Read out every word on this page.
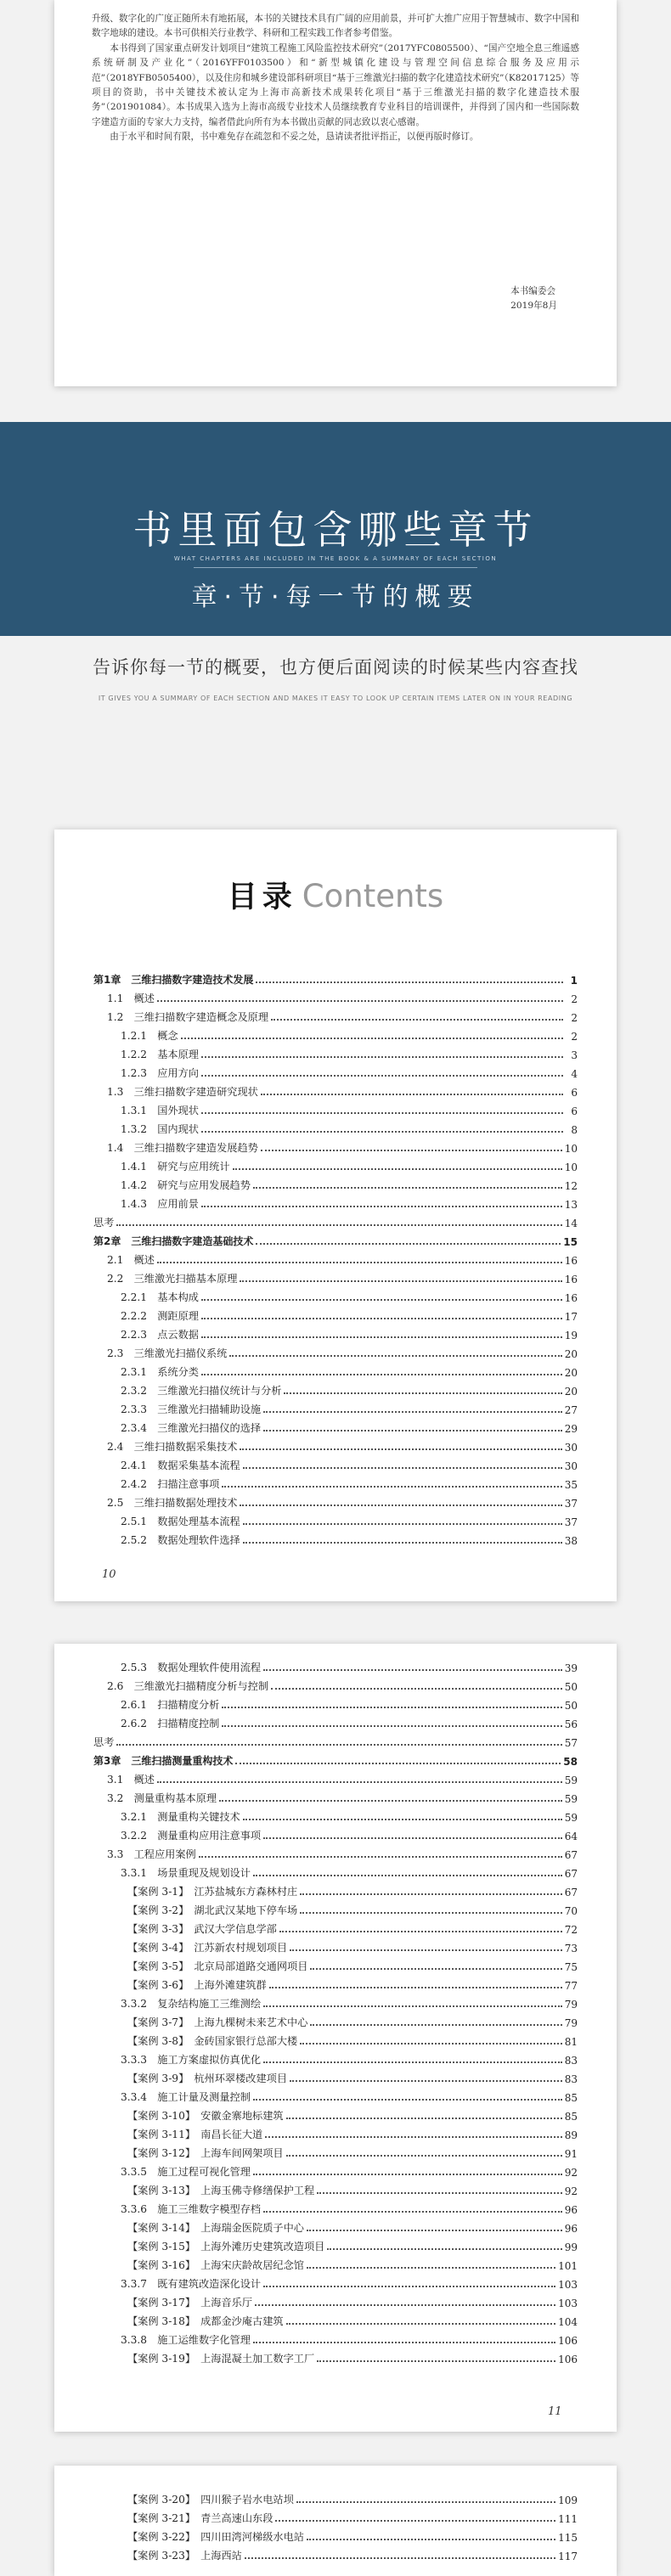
升级、数字化的广度正随所未有地拓展，本书的关键技术具有广阔的应用前景，并可扩大推广应用于智慧城市、数字中国和数字地球的建设。本书可供相关行业教学、科研和工程实践工作者参考借鉴。

本书得到了国家重点研发计划项目“建筑工程施工风险监控技术研究”（2017YFC0805500）、“国产空地全息三维遥感系统研制及产业化”（2016YFF0103500）和“新型城镇化建设与管理空间信息综合服务及应用示范”（2018YFB0505400），以及住房和城乡建设部科研项目“基于三维激光扫描的数字化建造技术研究”（K82017125）等项目的资助，书中关键技术被认定为上海市高新技术成果转化项目“基于三维激光扫描的数字化建造技术服务”（201901084）。本书成果入选为上海市高级专业技术人员继续教育专业科目的培训课件，并得到了国内和一些国际数字建造方面的专家大力支持，编者借此向所有为本书做出贡献的同志致以衷心感谢。

由于水平和时间有限，书中难免存在疏忽和不妥之处，恳请读者批评指正，以便再版时修订。

本书编委会
2019年8月
书里面包含哪些章节
WHAT CHAPTERS ARE INCLUDED IN THE BOOK & A SUMMARY OF EACH SECTION
章·节·每一节的概要
告诉你每一节的概要，也方便后面阅读的时候某些内容查找
IT GIVES YOU A SUMMARY OF EACH SECTION AND MAKES IT EASY TO LOOK UP CERTAIN ITEMS LATER ON IN YOUR READING
目录 Contents
第1章　三维扫描数字建造技术发展	1
1.1　概述	2
1.2　三维扫描数字建造概念及原理	2
1.2.1　概念	2
1.2.2　基本原理	3
1.2.3　应用方向	4
1.3　三维扫描数字建造研究现状	6
1.3.1　国外现状	6
1.3.2　国内现状	8
1.4　三维扫描数字建造发展趋势	10
1.4.1　研究与应用统计	10
1.4.2　研究与应用发展趋势	12
1.4.3　应用前景	13
思考	14
第2章　三维扫描数字建造基础技术	15
2.1　概述	16
2.2　三维激光扫描基本原理	16
2.2.1　基本构成	16
2.2.2　测距原理	17
2.2.3　点云数据	19
2.3　三维激光扫描仪系统	20
2.3.1　系统分类	20
2.3.2　三维激光扫描仪统计与分析	20
2.3.3　三维激光扫描辅助设施	27
2.3.4　三维激光扫描仪的选择	29
2.4　三维扫描数据采集技术	30
2.4.1　数据采集基本流程	30
2.4.2　扫描注意事项	35
2.5　三维扫描数据处理技术	37
2.5.1　数据处理基本流程	37
2.5.2　数据处理软件选择	38
10
2.5.3　数据处理软件使用流程	39
2.6　三维激光扫描精度分析与控制	50
2.6.1　扫描精度分析	50
2.6.2　扫描精度控制	56
思考	57
第3章　三维扫描测量重构技术	58
3.1　概述	59
3.2　测量重构基本原理	59
3.2.1　测量重构关键技术	59
3.2.2　测量重构应用注意事项	64
3.3　工程应用案例	67
3.3.1　场景重现及规划设计	67
【案例 3-1】　江苏盐城东方森林村庄	67
【案例 3-2】　湖北武汉某地下停车场	70
【案例 3-3】　武汉大学信息学部	72
【案例 3-4】　江苏新农村规划项目	73
【案例 3-5】　北京局部道路交通网项目	75
【案例 3-6】　上海外滩建筑群	77
3.3.2　复杂结构施工三维测绘	79
【案例 3-7】　上海九棵树未来艺术中心	79
【案例 3-8】　金砖国家银行总部大楼	81
3.3.3　施工方案虚拟仿真优化	83
【案例 3-9】　杭州环翠楼改建项目	83
3.3.4　施工计量及测量控制	85
【案例 3-10】　安徽金寨地标建筑	85
【案例 3-11】　南昌长征大道	89
【案例 3-12】　上海车间网架项目	91
3.3.5　施工过程可视化管理	92
【案例 3-13】　上海玉佛寺修缮保护工程	92
3.3.6　施工三维数字模型存档	96
【案例 3-14】　上海瑞金医院质子中心	96
【案例 3-15】　上海外滩历史建筑改造项目	99
【案例 3-16】　上海宋庆龄故居纪念馆	101
3.3.7　既有建筑改造深化设计	103
【案例 3-17】　上海音乐厅	103
【案例 3-18】　成都金沙庵古建筑	104
3.3.8　施工运维数字化管理	106
【案例 3-19】　上海混凝土加工数字工厂	106
11
【案例 3-20】　四川猴子岩水电站坝	109
【案例 3-21】　青兰高速山东段	111
【案例 3-22】　四川田湾河梯级水电站	115
【案例 3-23】　上海西站	117
